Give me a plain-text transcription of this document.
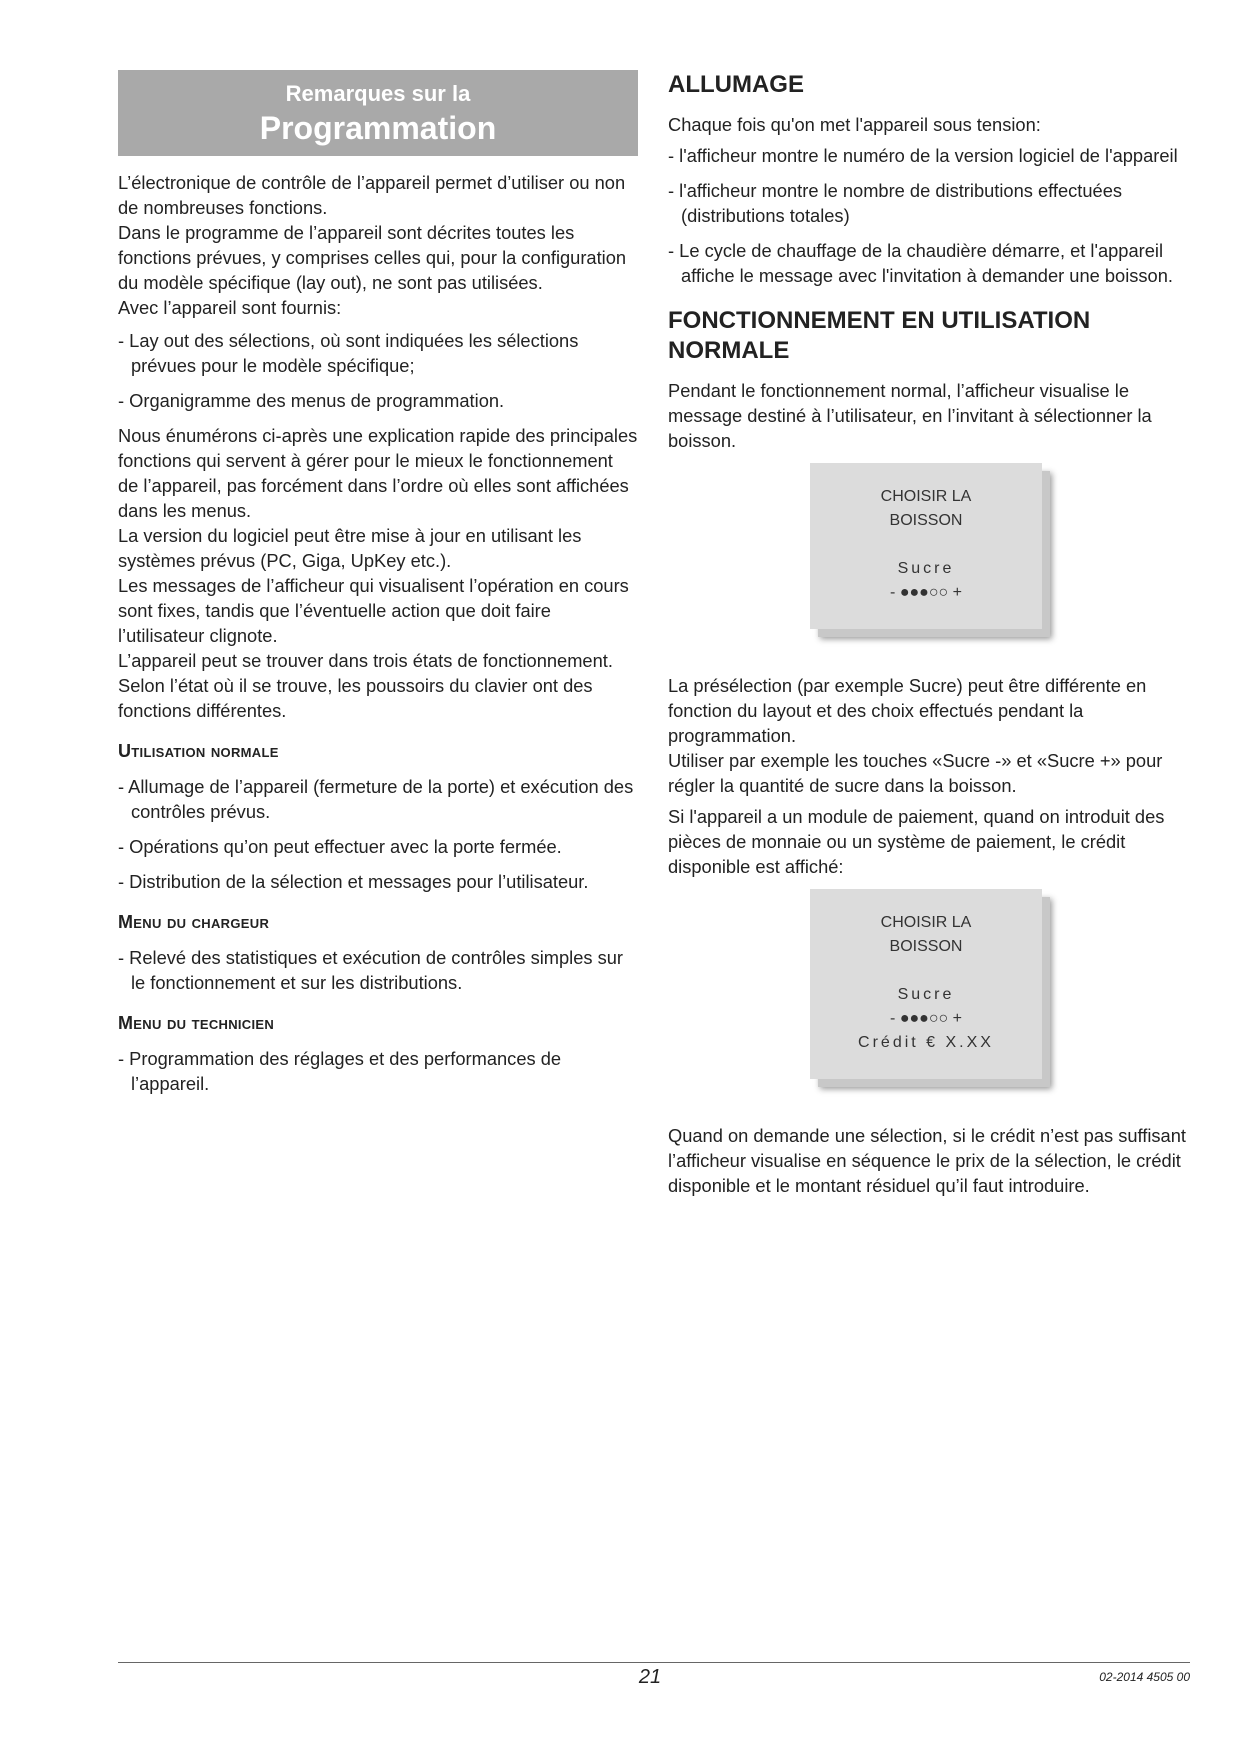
Remarques sur la
Programmation

L’électronique de contrôle de l’appareil permet d’utiliser ou non de nombreuses fonctions.

Dans le programme de l’appareil sont décrites toutes les fonctions prévues, y comprises celles qui, pour la configuration du modèle spécifique (lay out), ne sont pas utilisées.

Avec l’appareil sont fournis:

- Lay out des sélections, où sont indiquées les sélections prévues pour le modèle spécifique;

- Organigramme des menus de programmation.

Nous énumérons ci-après une explication rapide des principales fonctions qui servent à gérer pour le mieux le fonctionnement de l’appareil, pas forcément dans l’ordre où elles sont affichées dans les menus.

La version du logiciel peut être mise à jour en utilisant les systèmes prévus (PC, Giga, UpKey etc.).

Les messages de l’afficheur qui visualisent l’opération en cours sont fixes, tandis que l’éventuelle action que doit faire l’utilisateur clignote.

L’appareil peut se trouver dans trois états de fonctionnement.

Selon l’état où il se trouve, les poussoirs du clavier ont des fonctions différentes.

Utilisation normale

- Allumage de l’appareil (fermeture de la porte) et exécution des contrôles prévus.

- Opérations qu’on peut effectuer avec la porte fermée.

- Distribution de la sélection et messages pour l’utilisateur.

Menu du chargeur

- Relevé des statistiques et exécution de contrôles simples sur le fonctionnement et sur les distributions.

Menu du technicien

- Programmation des réglages et des performances de l’appareil.

ALLUMAGE

Chaque fois qu'on met l'appareil sous tension:

- l'afficheur montre le numéro de la version logiciel de l'appareil

- l'afficheur montre le nombre de distributions effectuées (distributions totales)

- Le cycle de chauffage de la chaudière démarre, et l'appareil affiche le message avec l'invitation à demander une boisson.

FONCTIONNEMENT EN UTILISATION NORMALE

Pendant le fonctionnement normal, l’afficheur visualise le message destiné à l’utilisateur, en l’invitant à sélectionner la boisson.

CHOISIR LA
BOISSON
Sucre
- ●●●○○ +

La présélection (par exemple Sucre) peut être différente en fonction du layout et des choix effectués pendant la programmation.

Utiliser par exemple les touches «Sucre -» et «Sucre +» pour régler la quantité de sucre dans la boisson.

Si l'appareil a un module de paiement, quand on introduit des pièces de monnaie ou un système de paiement, le crédit disponible est affiché:

CHOISIR LA
BOISSON
Sucre
- ●●●○○ +
Crédit € X.XX

Quand on demande une sélection, si le crédit n’est pas suffisant l’afficheur visualise en séquence le prix de la sélection, le crédit disponible et le montant résiduel qu’il faut introduire.

21	02-2014 4505 00
